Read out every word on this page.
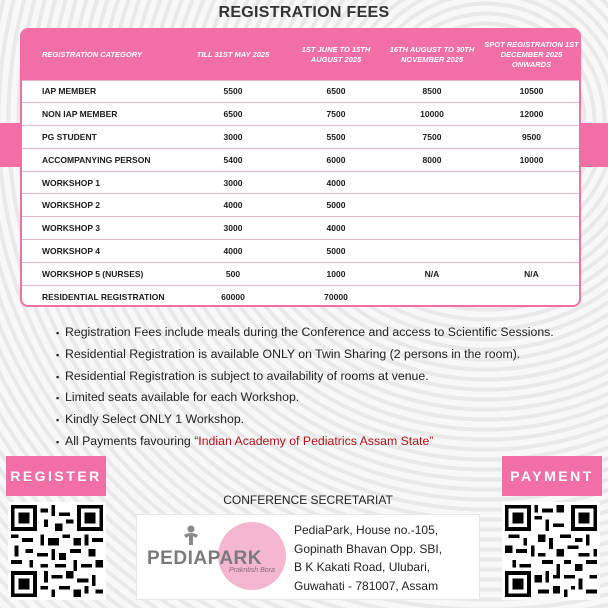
REGISTRATION FEES
REGISTRATION CATEGORY	TILL 31ST MAY 2025	1ST JUNE TO 15TH AUGUST 2025	16TH AUGUST TO 30TH NOVEMBER 2025	SPOT REGISTRATION 1ST DECEMBER 2025 ONWARDS
IAP MEMBER	5500	6500	8500	10500
NON IAP MEMBER	6500	7500	10000	12000
PG STUDENT	3000	5500	7500	9500
ACCOMPANYING PERSON	5400	6000	8000	10000
WORKSHOP 1	3000	4000		
WORKSHOP 2	4000	5000		
WORKSHOP 3	3000	4000		
WORKSHOP 4	4000	5000		
WORKSHOP 5 (NURSES)	500	1000	N/A	N/A
RESIDENTIAL REGISTRATION	60000	70000		
▪ Registration Fees include meals during the Conference and access to Scientific Sessions.
▪ Residential Registration is available ONLY on Twin Sharing (2 persons in the room).
▪ Residential Registration is subject to availability of rooms at venue.
▪ Limited seats available for each Workshop.
▪ Kindly Select ONLY 1 Workshop.
▪ All Payments favouring “Indian Academy of Pediatrics Assam State”
REGISTER	PAYMENT
CONFERENCE SECRETARIAT
PEDIAPARK
Prakritish Bora
PediaPark, House no.-105,
Gopinath Bhavan Opp. SBI,
B K Kakati Road, Ulubari,
Guwahati - 781007, Assam
